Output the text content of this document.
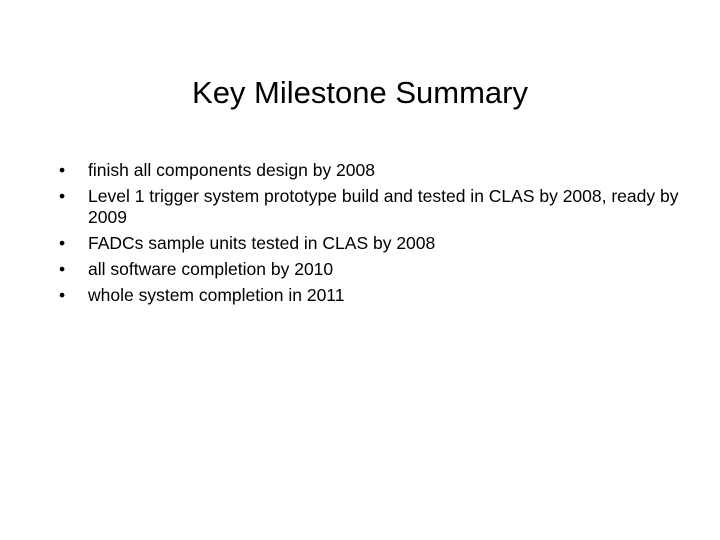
Key Milestone Summary
•	finish all components design by 2008
•	Level 1 trigger system prototype build and tested in CLAS by 2008, ready by 2009
•	FADCs sample units tested in CLAS by 2008
•	all software completion by 2010
•	whole system completion in 2011
